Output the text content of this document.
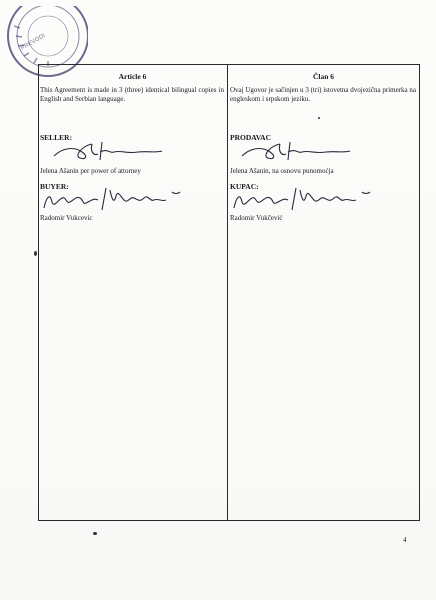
PREVODI
Article 6
This Agreement is made in 3 (three) identical bilingual copies in English and Serbian language.
SELLER:
Jelena Ašanin per power of attorney
BUYER:
Radomir Vukcevic
Član 6
Ovaj Ugovor je sačinjen u 3 (tri) istovetna dvojezična primerka na engleskom i srpskom jeziku.
PRODAVAC
Jelena Ašanin, na osnovu punomoćja
KUPAC:
Radomir Vukčević
4
